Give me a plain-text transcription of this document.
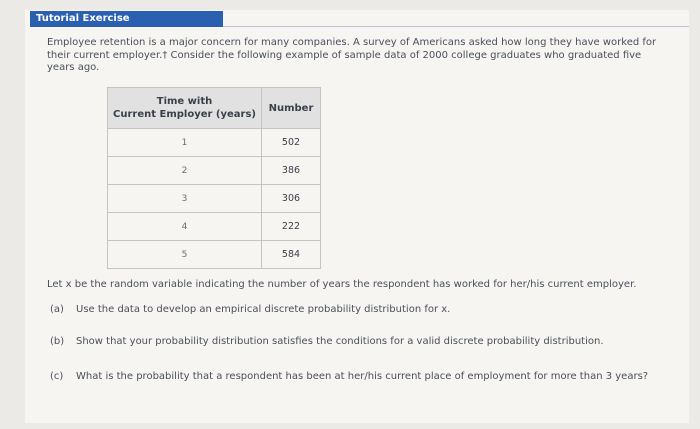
Tutorial Exercise

Employee retention is a major concern for many companies. A survey of Americans asked how long they have worked for their current employer.† Consider the following example of sample data of 2000 college graduates who graduated five years ago.

Time with
Current Employer (years)	Number
1	502
2	386
3	306
4	222
5	584

Let x be the random variable indicating the number of years the respondent has worked for her/his current employer.

(a) Use the data to develop an empirical discrete probability distribution for x.

(b) Show that your probability distribution satisfies the conditions for a valid discrete probability distribution.

(c) What is the probability that a respondent has been at her/his current place of employment for more than 3 years?
